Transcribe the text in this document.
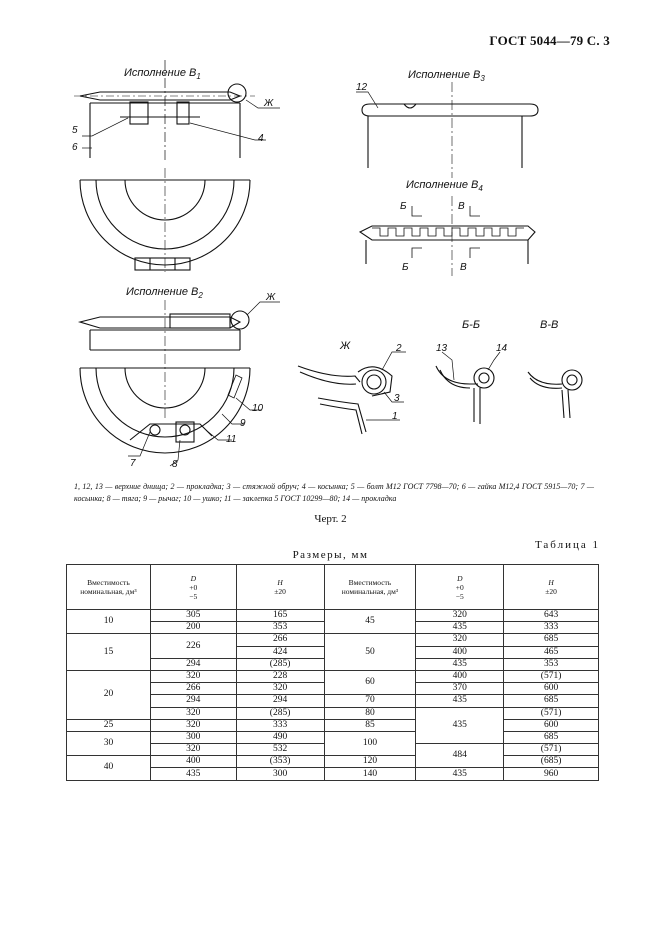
ГОСТ 5044—79 С. 3
Исполнение $В_1$
5
6
4
Ж
Исполнение $В_3$
12
Исполнение $В_4$
Б	В
Б	В
Исполнение $В_2$	Ж
10
9
11
7	8
Ж	2
3
1
Б-Б
13	14
В-В
1, 12, 13 — верхние днища; 2 — прокладка; 3 — стяжной обруч; 4 — косынка; 5 — болт М12 ГОСТ 7798—70; 6 — гайка М12,4 ГОСТ 5915—70; 7 — косынка; 8 — тяга; 9 — рычаг; 10 — ушко; 11 — заклепка 5 ГОСТ 10299—80; 14 — прокладка
Черт. 2
Таблица 1
Размеры, мм
Вместимость номинальная, дм³	D
+0
−5	H
±20	Вместимость номинальная, дм³	D
+0
−5	H
±20
10	305	165	45	320	643
	200	353		435	333
15	226	266	50	320	685
		424		400	465
	294	(285)		435	353
20	320	228	60	400	(571)
	266	320		370	600
	294	294	70	435	685
	320	(285)	80	435	(571)
25	320	333	85		600
30	300	490	100		685
	320	532		484	(571)
40	400	(353)	120		(685)
	435	300	140	435	960
